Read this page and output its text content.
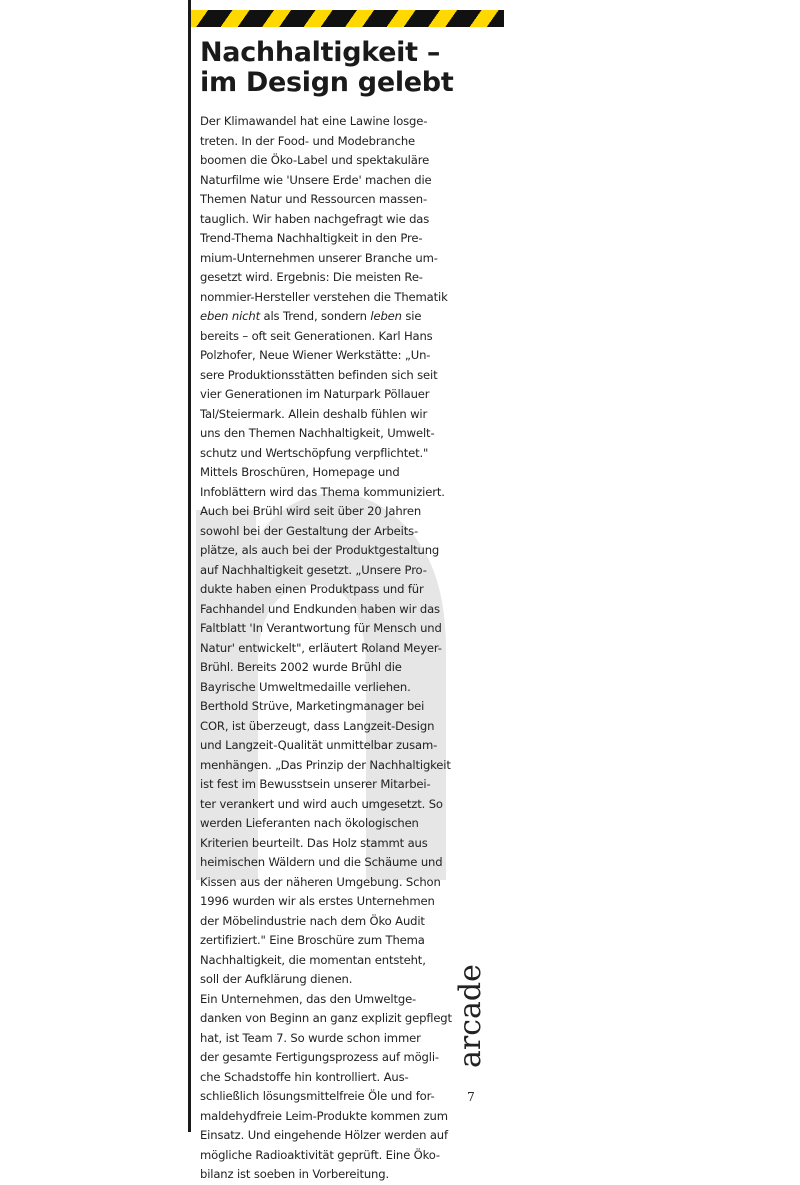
Nachhaltigkeit –
im Design gelebt
Der Klimawandel hat eine Lawine losge-
treten. In der Food- und Modebranche
boomen die Öko-Label und spektakuläre
Naturfilme wie 'Unsere Erde' machen die
Themen Natur und Ressourcen massen-
tauglich. Wir haben nachgefragt wie das
Trend-Thema Nachhaltigkeit in den Pre-
mium-Unternehmen unserer Branche um-
gesetzt wird. Ergebnis: Die meisten Re-
nommier-Hersteller verstehen die Thematik
eben nicht als Trend, sondern leben sie
bereits – oft seit Generationen. Karl Hans
Polzhofer, Neue Wiener Werkstätte: „Un-
sere Produktionsstätten befinden sich seit
vier Generationen im Naturpark Pöllauer
Tal/Steiermark. Allein deshalb fühlen wir
uns den Themen Nachhaltigkeit, Umwelt-
schutz und Wertschöpfung verpflichtet."
Mittels Broschüren, Homepage und
Infoblättern wird das Thema kommuniziert.
Auch bei Brühl wird seit über 20 Jahren
sowohl bei der Gestaltung der Arbeits-
plätze, als auch bei der Produktgestaltung
auf Nachhaltigkeit gesetzt. „Unsere Pro-
dukte haben einen Produktpass und für
Fachhandel und Endkunden haben wir das
Faltblatt 'In Verantwortung für Mensch und
Natur' entwickelt", erläutert Roland Meyer-
Brühl. Bereits 2002 wurde Brühl die
Bayrische Umweltmedaille verliehen.
Berthold Strüve, Marketingmanager bei
COR, ist überzeugt, dass Langzeit-Design
und Langzeit-Qualität unmittelbar zusam-
menhängen. „Das Prinzip der Nachhaltigkeit
ist fest im Bewusstsein unserer Mitarbei-
ter verankert und wird auch umgesetzt. So
werden Lieferanten nach ökologischen
Kriterien beurteilt. Das Holz stammt aus
heimischen Wäldern und die Schäume und
Kissen aus der näheren Umgebung. Schon
1996 wurden wir als erstes Unternehmen
der Möbelindustrie nach dem Öko Audit
zertifiziert." Eine Broschüre zum Thema
Nachhaltigkeit, die momentan entsteht,
soll der Aufklärung dienen.
Ein Unternehmen, das den Umweltge-
danken von Beginn an ganz explizit gepflegt
hat, ist Team 7. So wurde schon immer
der gesamte Fertigungsprozess auf mögli-
che Schadstoffe hin kontrolliert. Aus-
schließlich lösungsmittelfreie Öle und for-
maldehydfreie Leim-Produkte kommen zum
Einsatz. Und eingehende Hölzer werden auf
mögliche Radioaktivität geprüft. Eine Öko-
bilanz ist soeben in Vorbereitung.
arcade
7
